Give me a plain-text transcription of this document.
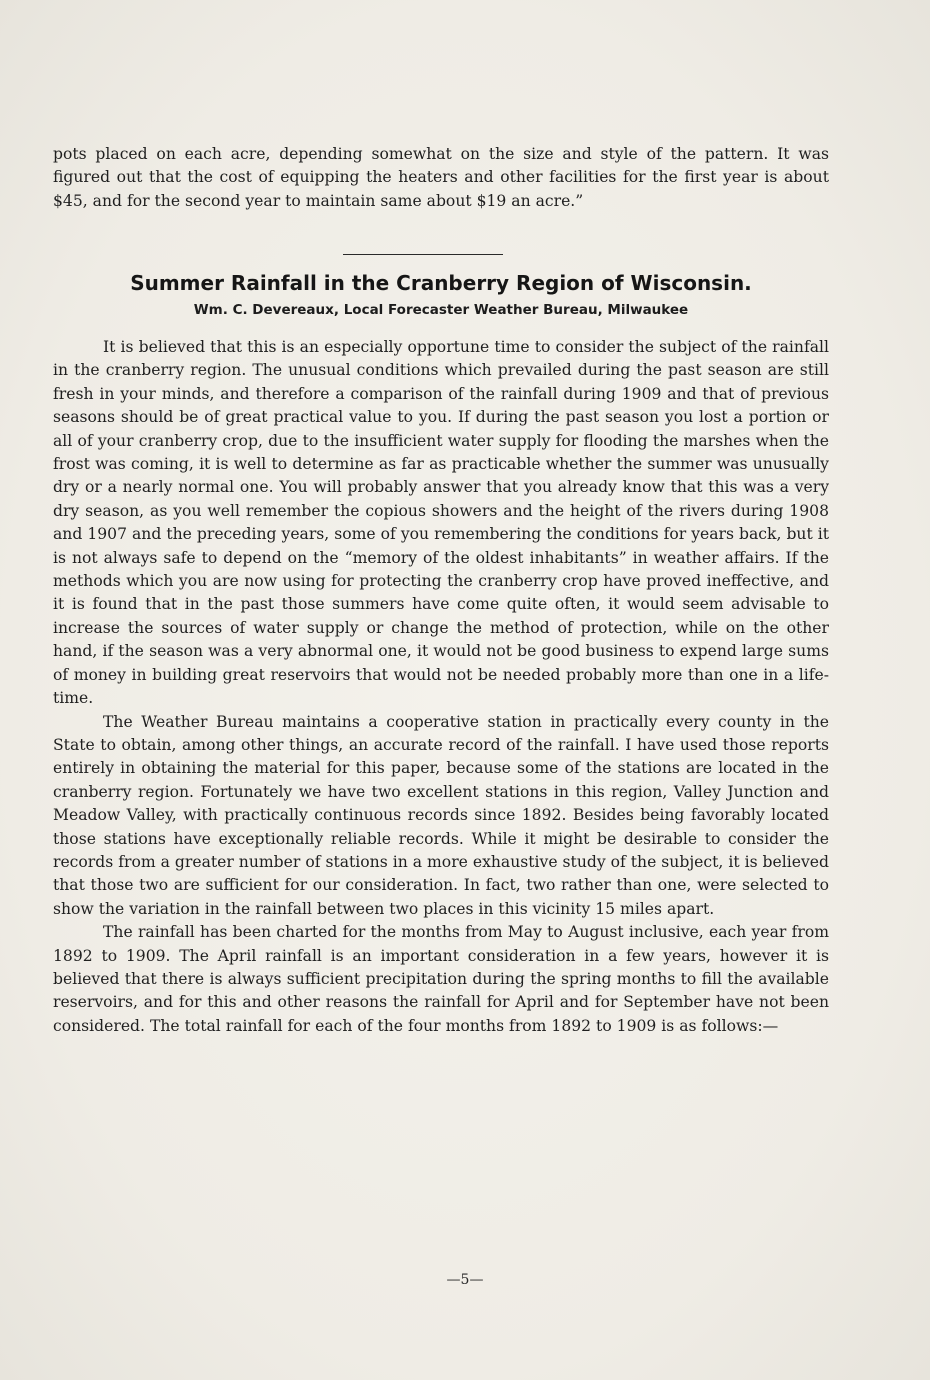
pots placed on each acre, depending somewhat on the size and style of the pattern. It was figured out that the cost of equipping the heaters and other facilities for the first year is about $45, and for the second year to maintain same about $19 an acre.”

Summer Rainfall in the Cranberry Region of Wisconsin.
Wm. C. Devereaux, Local Forecaster Weather Bureau, Milwaukee

It is believed that this is an especially opportune time to consider the subject of the rainfall in the cranberry region. The unusual conditions which prevailed during the past season are still fresh in your minds, and therefore a comparison of the rainfall during 1909 and that of previous seasons should be of great practical value to you. If during the past season you lost a portion or all of your cranberry crop, due to the insufficient water supply for flooding the marshes when the frost was coming, it is well to determine as far as practicable whether the summer was unusually dry or a nearly normal one. You will probably answer that you already know that this was a very dry season, as you well remember the copious showers and the height of the rivers during 1908 and 1907 and the preceding years, some of you remembering the conditions for years back, but it is not always safe to depend on the “memory of the oldest inhabitants” in weather affairs. If the methods which you are now using for protecting the cranberry crop have proved ineffective, and it is found that in the past those summers have come quite often, it would seem advisable to increase the sources of water supply or change the method of protection, while on the other hand, if the season was a very abnormal one, it would not be good business to expend large sums of money in building great reservoirs that would not be needed probably more than one in a life-time.

The Weather Bureau maintains a cooperative station in practically every county in the State to obtain, among other things, an accurate record of the rainfall. I have used those reports entirely in obtaining the material for this paper, because some of the stations are located in the cranberry region. Fortunately we have two excellent stations in this region, Valley Junction and Meadow Valley, with practically continuous records since 1892. Besides being favorably located those stations have exceptionally reliable records. While it might be desirable to consider the records from a greater number of stations in a more exhaustive study of the subject, it is believed that those two are sufficient for our consideration. In fact, two rather than one, were selected to show the variation in the rainfall between two places in this vicinity 15 miles apart.

The rainfall has been charted for the months from May to August inclusive, each year from 1892 to 1909. The April rainfall is an important consideration in a few years, however it is believed that there is always sufficient precipitation during the spring months to fill the available reservoirs, and for this and other reasons the rainfall for April and for September have not been considered. The total rainfall for each of the four months from 1892 to 1909 is as follows:—

—5—
